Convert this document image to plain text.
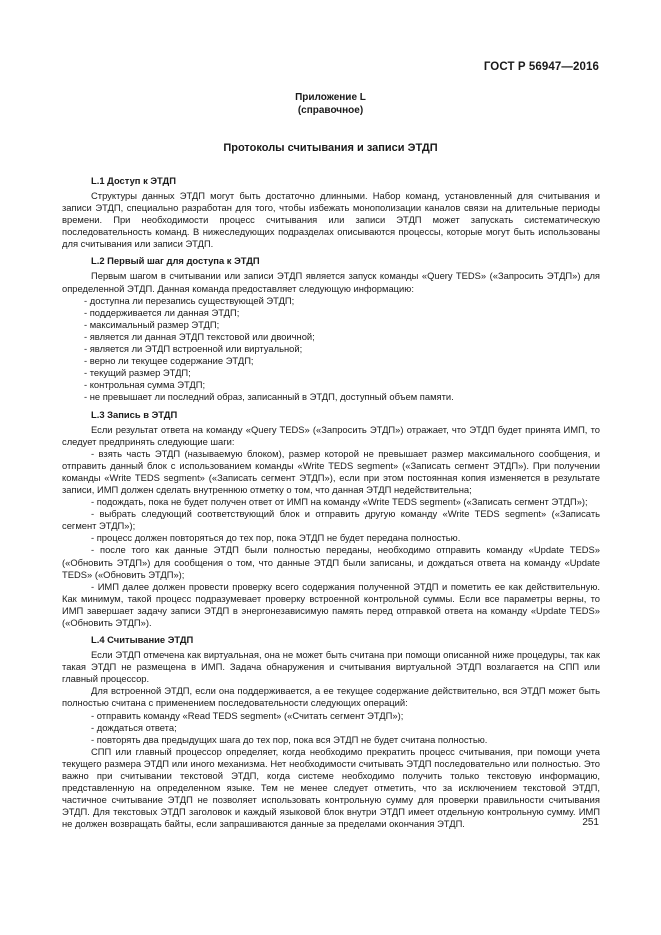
ГОСТ Р 56947—2016
Приложение L
(справочное)
Протоколы считывания и записи ЭТДП
L.1 Доступ к ЭТДП

Структуры данных ЭТДП могут быть достаточно длинными. Набор команд, установленный для считывания и записи ЭТДП, специально разработан для того, чтобы избежать монополизации каналов связи на длительные периоды времени. При необходимости процесс считывания или записи ЭТДП может запускать систематическую последовательность команд. В нижеследующих подразделах описываются процессы, которые могут быть использованы для считывания или записи ЭТДП.

L.2 Первый шаг для доступа к ЭТДП

Первым шагом в считывании или записи ЭТДП является запуск команды «Query TEDS» («Запросить ЭТДП») для определенной ЭТДП. Данная команда предоставляет следующую информацию:

- доступна ли перезапись существующей ЭТДП;

- поддерживается ли данная ЭТДП;

- максимальный размер ЭТДП;

- является ли данная ЭТДП текстовой или двоичной;

- является ли ЭТДП встроенной или виртуальной;

- верно ли текущее содержание ЭТДП;

- текущий размер ЭТДП;

- контрольная сумма ЭТДП;

- не превышает ли последний образ, записанный в ЭТДП, доступный объем памяти.

L.3 Запись в ЭТДП

Если результат ответа на команду «Query TEDS» («Запросить ЭТДП») отражает, что ЭТДП будет принята ИМП, то следует предпринять следующие шаги:

- взять часть ЭТДП (называемую блоком), размер которой не превышает размер максимального сообщения, и отправить данный блок с использованием команды «Write TEDS segment» («Записать сегмент ЭТДП»). При получении команды «Write TEDS segment» («Записать сегмент ЭТДП»), если при этом постоянная копия изменяется в результате записи, ИМП должен сделать внутреннюю отметку о том, что данная ЭТДП недействительна;

- подождать, пока не будет получен ответ от ИМП на команду «Write TEDS segment» («Записать сегмент ЭТДП»);

- выбрать следующий соответствующий блок и отправить другую команду «Write TEDS segment» («Записать сегмент ЭТДП»);

- процесс должен повторяться до тех пор, пока ЭТДП не будет передана полностью.

- после того как данные ЭТДП были полностью переданы, необходимо отправить команду «Update TEDS» («Обновить ЭТДП») для сообщения о том, что данные ЭТДП были записаны, и дождаться ответа на команду «Update TEDS» («Обновить ЭТДП»);

- ИМП далее должен провести проверку всего содержания полученной ЭТДП и пометить ее как действительную. Как минимум, такой процесс подразумевает проверку встроенной контрольной суммы. Если все параметры верны, то ИМП завершает задачу записи ЭТДП в энергонезависимую память перед отправкой ответа на команду «Update TEDS» («Обновить ЭТДП»).

L.4 Считывание ЭТДП

Если ЭТДП отмечена как виртуальная, она не может быть считана при помощи описанной ниже процедуры, так как такая ЭТДП не размещена в ИМП. Задача обнаружения и считывания виртуальной ЭТДП возлагается на СПП или главный процессор.

Для встроенной ЭТДП, если она поддерживается, а ее текущее содержание действительно, вся ЭТДП может быть полностью считана с применением последовательности следующих операций:

- отправить команду «Read TEDS segment» («Считать сегмент ЭТДП»);

- дождаться ответа;

- повторять два предыдущих шага до тех пор, пока вся ЭТДП не будет считана полностью.

СПП или главный процессор определяет, когда необходимо прекратить процесс считывания, при помощи учета текущего размера ЭТДП или иного механизма. Нет необходимости считывать ЭТДП последовательно или полностью. Это важно при считывании текстовой ЭТДП, когда системе необходимо получить только текстовую информацию, представленную на определенном языке. Тем не менее следует отметить, что за исключением текстовой ЭТДП, частичное считывание ЭТДП не позволяет использовать контрольную сумму для проверки правильности считывания ЭТДП. Для текстовых ЭТДП заголовок и каждый языковой блок внутри ЭТДП имеет отдельную контрольную сумму. ИМП не должен возвращать байты, если запрашиваются данные за пределами окончания ЭТДП.	251
